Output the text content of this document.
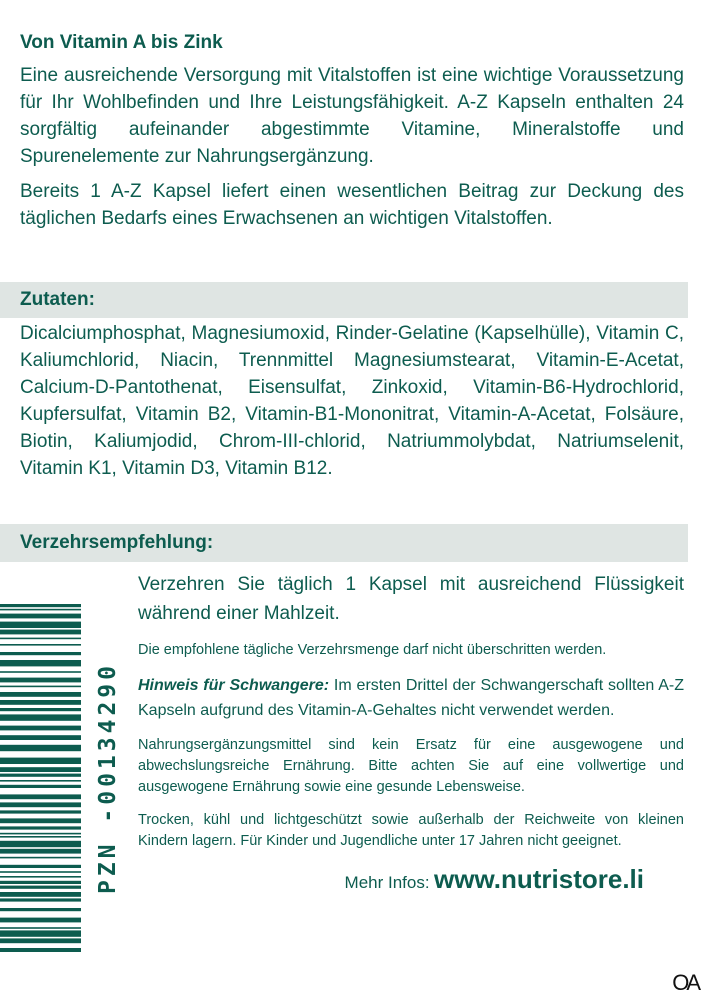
Von Vitamin A bis Zink
Eine ausreichende Versorgung mit Vitalstoffen ist eine wichtige Voraussetzung für Ihr Wohlbefinden und Ihre Leistungsfähigkeit. A-Z Kapseln enthalten 24 sorgfältig aufeinander abgestimmte Vitamine, Mineralstoffe und Spurenelemente zur Nahrungsergänzung.
Bereits 1 A-Z Kapsel liefert einen wesentlichen Beitrag zur Deckung des täglichen Bedarfs eines Erwachsenen an wichtigen Vitalstoffen.
Zutaten:
Dicalciumphosphat, Magnesiumoxid, Rinder-Gelatine (Kapselhülle), Vitamin C, Kaliumchlorid, Niacin, Trennmittel Magnesiumstearat, Vitamin-E-Acetat, Calcium-D-Pantothenat, Eisensulfat, Zinkoxid, Vitamin-B6-Hydrochlorid, Kupfersulfat, Vitamin B2, Vitamin-B1-Mononitrat, Vitamin-A-Acetat, Folsäure, Biotin, Kaliumjodid, Chrom-III-chlorid, Natriummolybdat, Natriumselenit, Vitamin K1, Vitamin D3, Vitamin B12.
Verzehrsempfehlung:
PZN -00134290
Verzehren Sie täglich 1 Kapsel mit ausreichend Flüssigkeit während einer Mahlzeit.
Die empfohlene tägliche Verzehrsmenge darf nicht überschritten werden.
Hinweis für Schwangere: Im ersten Drittel der Schwangerschaft sollten A-Z Kapseln aufgrund des Vitamin-A-Gehaltes nicht verwendet werden.
Nahrungsergänzungsmittel sind kein Ersatz für eine ausgewogene und abwechslungsreiche Ernährung. Bitte achten Sie auf eine vollwertige und ausgewogene Ernährung sowie eine gesunde Lebensweise.
Trocken, kühl und lichtgeschützt sowie außerhalb der Reichweite von kleinen Kindern lagern. Für Kinder und Jugendliche unter 17 Jahren nicht geeignet.
Mehr Infos: www.nutristore.li
OA
